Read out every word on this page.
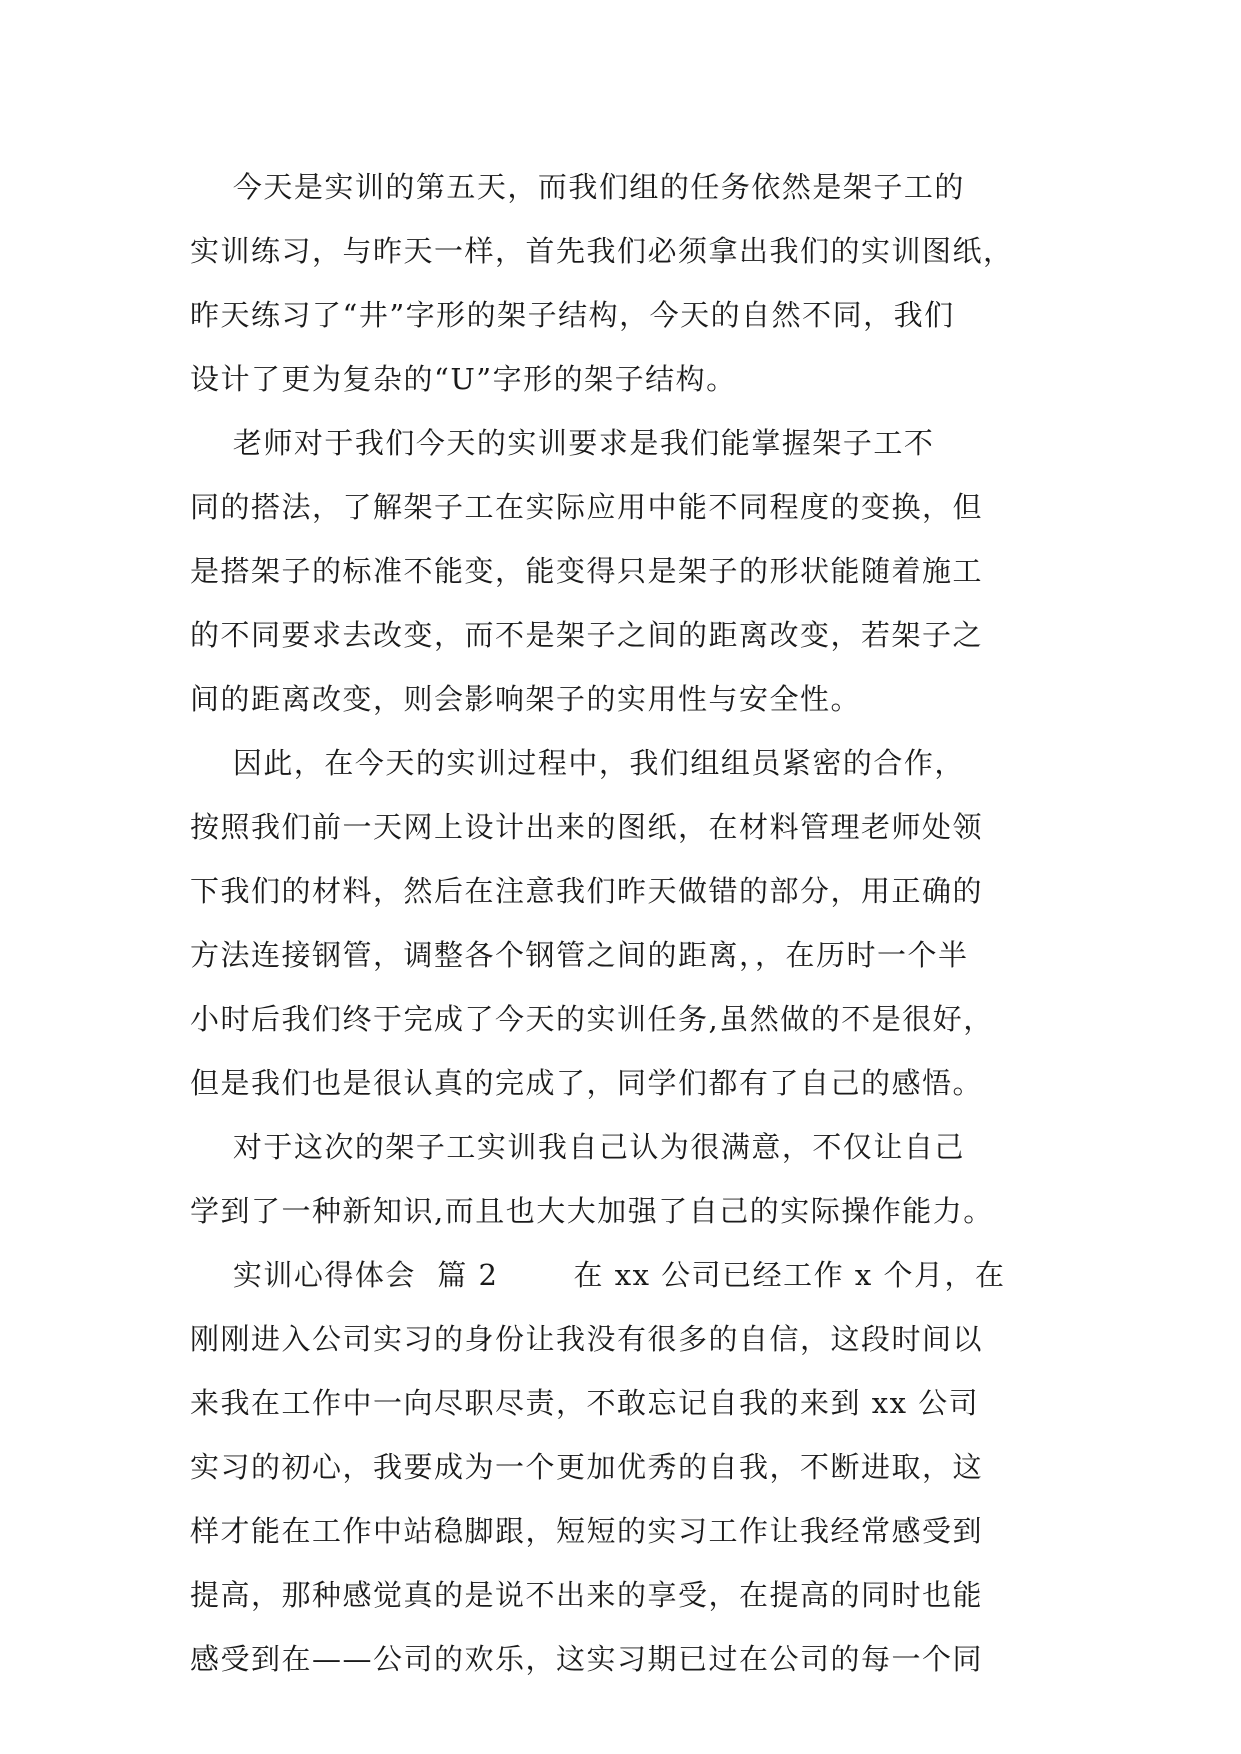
今天是实训的第五天，而我们组的任务依然是架子工的
实训练习，与昨天一样，首先我们必须拿出我们的实训图纸，
昨天练习了“井”字形的架子结构，今天的自然不同，我们
设计了更为复杂的“U”字形的架子结构。
老师对于我们今天的实训要求是我们能掌握架子工不
同的搭法，了解架子工在实际应用中能不同程度的变换，但
是搭架子的标准不能变，能变得只是架子的形状能随着施工
的不同要求去改变，而不是架子之间的距离改变，若架子之
间的距离改变，则会影响架子的实用性与安全性。
因此，在今天的实训过程中，我们组组员紧密的合作，
按照我们前一天网上设计出来的图纸，在材料管理老师处领
下我们的材料，然后在注意我们昨天做错的部分，用正确的
方法连接钢管，调整各个钢管之间的距离，，在历时一个半
小时后我们终于完成了今天的实训任务,虽然做的不是很好，
但是我们也是很认真的完成了，同学们都有了自己的感悟。
对于这次的架子工实训我自己认为很满意，不仅让自己
学到了一种新知识,而且也大大加强了自己的实际操作能力。
实训心得体会  篇 2       在 xx 公司已经工作 x 个月，在
刚刚进入公司实习的身份让我没有很多的自信，这段时间以
来我在工作中一向尽职尽责，不敢忘记自我的来到 xx 公司
实习的初心，我要成为一个更加优秀的自我，不断进取，这
样才能在工作中站稳脚跟，短短的实习工作让我经常感受到
提高，那种感觉真的是说不出来的享受，在提高的同时也能
感受到在——公司的欢乐，这实习期已过在公司的每一个同
